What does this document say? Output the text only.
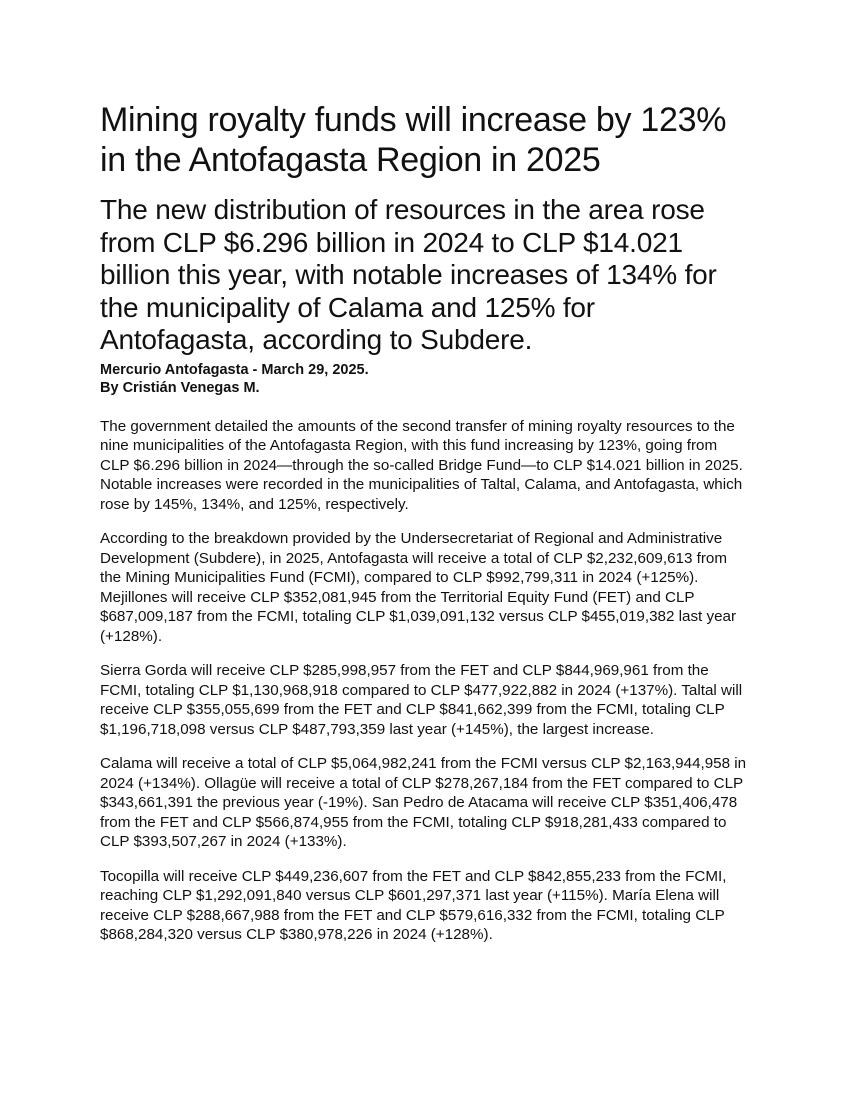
Mining royalty funds will increase by 123% in the Antofagasta Region in 2025
The new distribution of resources in the area rose from CLP $6.296 billion in 2024 to CLP $14.021 billion this year, with notable increases of 134% for the municipality of Calama and 125% for Antofagasta, according to Subdere.
Mercurio Antofagasta - March 29, 2025.
By Cristián Venegas M.

The government detailed the amounts of the second transfer of mining royalty resources to the nine municipalities of the Antofagasta Region, with this fund increasing by 123%, going from CLP $6.296 billion in 2024—through the so-called Bridge Fund—to CLP $14.021 billion in 2025. Notable increases were recorded in the municipalities of Taltal, Calama, and Antofagasta, which rose by 145%, 134%, and 125%, respectively.

According to the breakdown provided by the Undersecretariat of Regional and Administrative Development (Subdere), in 2025, Antofagasta will receive a total of CLP $2,232,609,613 from the Mining Municipalities Fund (FCMI), compared to CLP $992,799,311 in 2024 (+125%). Mejillones will receive CLP $352,081,945 from the Territorial Equity Fund (FET) and CLP $687,009,187 from the FCMI, totaling CLP $1,039,091,132 versus CLP $455,019,382 last year (+128%).

Sierra Gorda will receive CLP $285,998,957 from the FET and CLP $844,969,961 from the FCMI, totaling CLP $1,130,968,918 compared to CLP $477,922,882 in 2024 (+137%). Taltal will receive CLP $355,055,699 from the FET and CLP $841,662,399 from the FCMI, totaling CLP $1,196,718,098 versus CLP $487,793,359 last year (+145%), the largest increase.

Calama will receive a total of CLP $5,064,982,241 from the FCMI versus CLP $2,163,944,958 in 2024 (+134%). Ollagüe will receive a total of CLP $278,267,184 from the FET compared to CLP $343,661,391 the previous year (-19%). San Pedro de Atacama will receive CLP $351,406,478 from the FET and CLP $566,874,955 from the FCMI, totaling CLP $918,281,433 compared to CLP $393,507,267 in 2024 (+133%).

Tocopilla will receive CLP $449,236,607 from the FET and CLP $842,855,233 from the FCMI, reaching CLP $1,292,091,840 versus CLP $601,297,371 last year (+115%). María Elena will receive CLP $288,667,988 from the FET and CLP $579,616,332 from the FCMI, totaling CLP $868,284,320 versus CLP $380,978,226 in 2024 (+128%).
